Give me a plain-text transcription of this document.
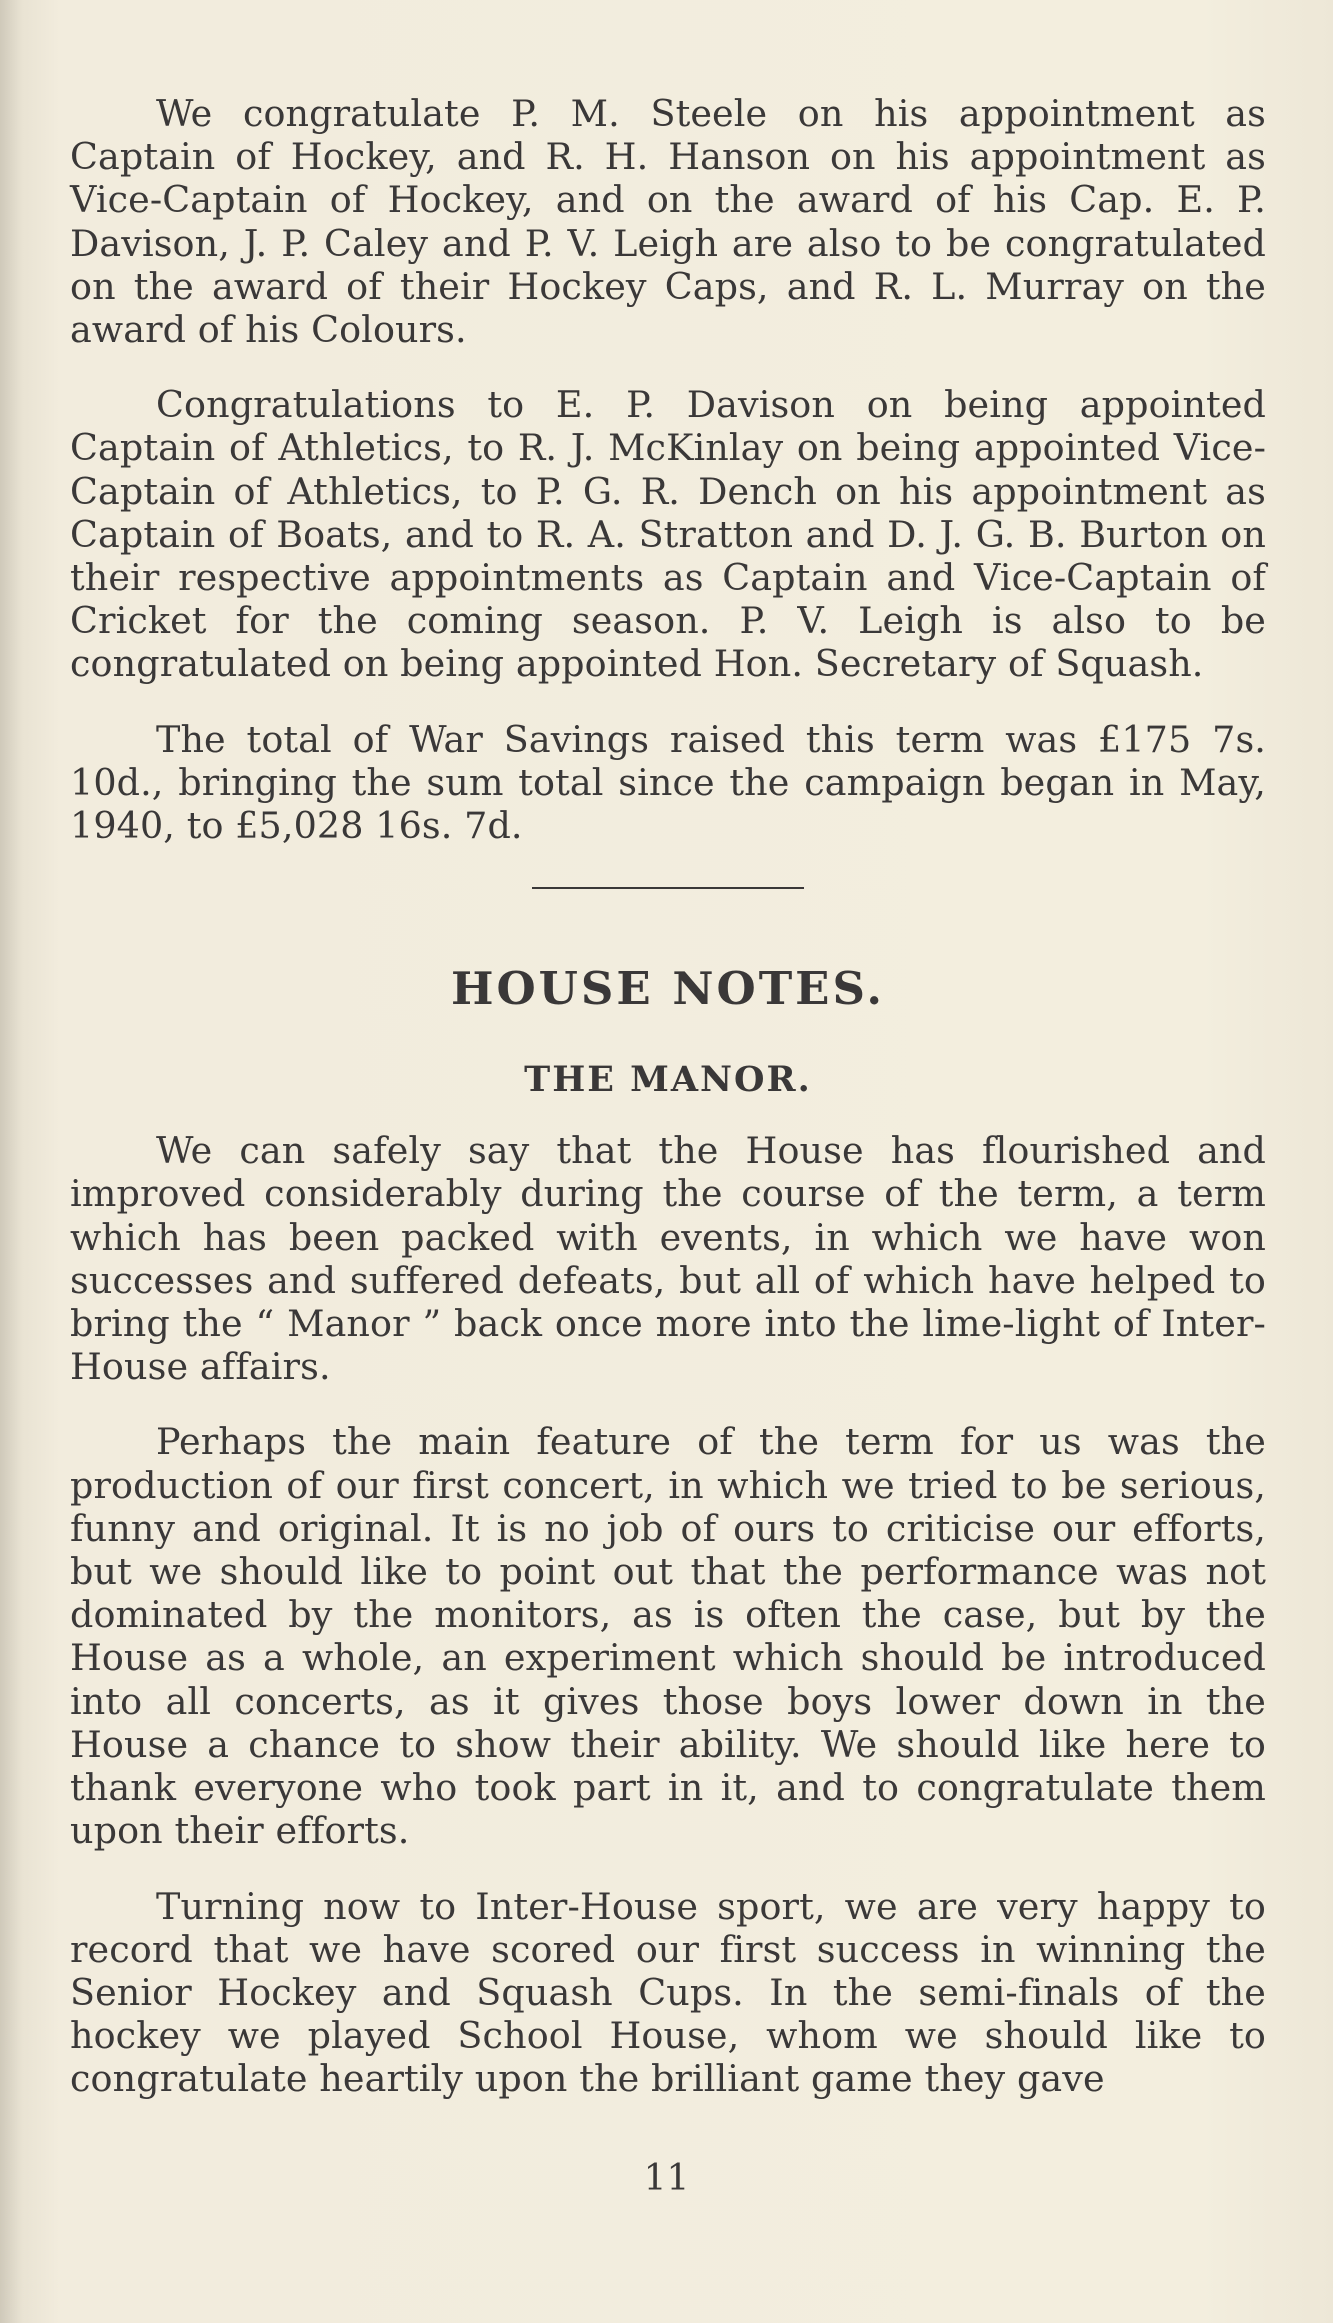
We congratulate P. M. Steele on his appointment as Captain of Hockey, and R. H. Hanson on his appointment as Vice-Captain of Hockey, and on the award of his Cap. E. P. Davison, J. P. Caley and P. V. Leigh are also to be congratulated on the award of their Hockey Caps, and R. L. Murray on the award of his Colours.

Congratulations to E. P. Davison on being appointed Captain of Athletics, to R. J. McKinlay on being appointed Vice-Captain of Athletics, to P. G. R. Dench on his appointment as Captain of Boats, and to R. A. Stratton and D. J. G. B. Burton on their respective appointments as Captain and Vice-Captain of Cricket for the coming season. P. V. Leigh is also to be congratulated on being appointed Hon. Secretary of Squash.

The total of War Savings raised this term was £175 7s. 10d., bringing the sum total since the campaign began in May, 1940, to £5,028 16s. 7d.

HOUSE NOTES.
THE MANOR.

We can safely say that the House has flourished and improved considerably during the course of the term, a term which has been packed with events, in which we have won successes and suffered defeats, but all of which have helped to bring the “ Manor ” back once more into the lime-light of Inter-House affairs.

Perhaps the main feature of the term for us was the production of our first concert, in which we tried to be serious, funny and original. It is no job of ours to criticise our efforts, but we should like to point out that the performance was not dominated by the monitors, as is often the case, but by the House as a whole, an experiment which should be introduced into all concerts, as it gives those boys lower down in the House a chance to show their ability. We should like here to thank everyone who took part in it, and to congratulate them upon their efforts.

Turning now to Inter-House sport, we are very happy to record that we have scored our first success in winning the Senior Hockey and Squash Cups. In the semi-finals of the hockey we played School House, whom we should like to congratulate heartily upon the brilliant game they gave

11
